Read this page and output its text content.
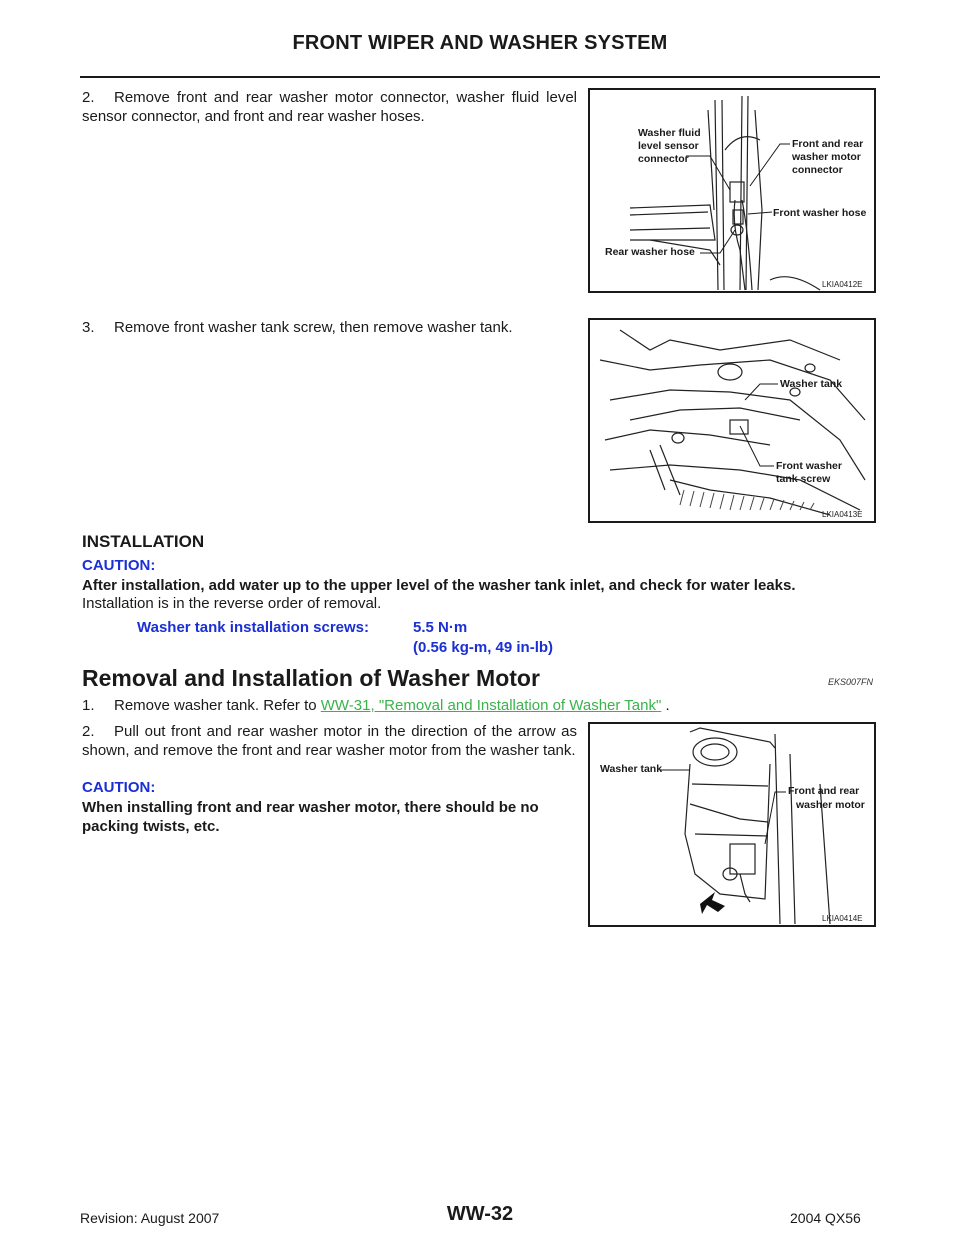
FRONT WIPER AND WASHER SYSTEM
2. Remove front and rear washer motor connector, washer fluid level sensor connector, and front and rear washer hoses.
Washer fluid
level sensor
connector
Front and rear
washer motor
connector
Front washer hose
Rear washer hose
LKIA0412E
3. Remove front washer tank screw, then remove washer tank.
Washer tank
Front washer
tank screw
LKIA0413E
INSTALLATION
CAUTION:
After installation, add water up to the upper level of the washer tank inlet, and check for water leaks.
Installation is in the reverse order of removal.
Washer tank installation screws:	5.5 N·m
(0.56 kg-m, 49 in-lb)
Removal and Installation of Washer Motor	EKS007FN
1. Remove washer tank. Refer to WW-31, "Removal and Installation of Washer Tank" .
2. Pull out front and rear washer motor in the direction of the arrow as shown, and remove the front and rear washer motor from the washer tank.
CAUTION:
When installing front and rear washer motor, there should be no packing twists, etc.
Washer tank
Front and rear
washer motor
LKIA0414E
Revision: August 2007	WW-32	2004 QX56
